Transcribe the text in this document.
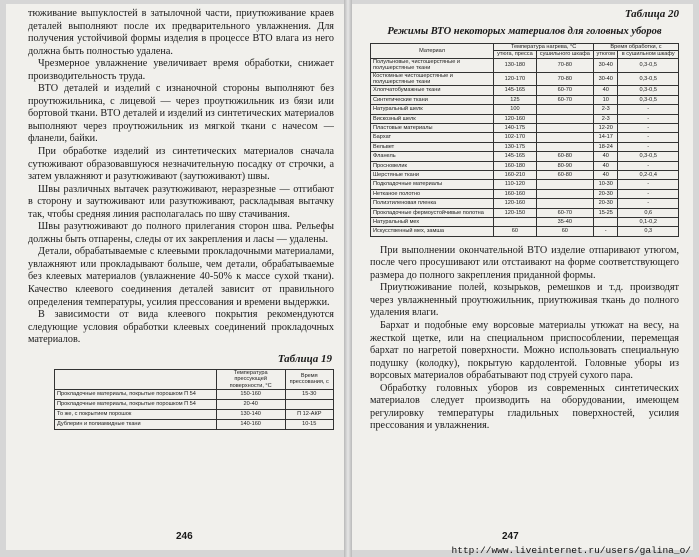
тюживание выпуклостей в затылочной части, приутюживание краев деталей выполняют после их предварительного увлажнения. Для получения устойчивой формы изделия в процессе ВТО влага из него должна быть полностью удалена.

Чрезмерное увлажнение увеличивает время обработки, снижает производительность труда.

ВТО деталей и изделий с изнаночной стороны выполняют без проутюжильника, с лицевой — через проутюжильник из бязи или бортовой ткани. ВТО деталей и изделий из синтетических материалов выполняют через проутюжильник из мягкой ткани с начесом — фланели, байки.

При обработке изделий из синтетических материалов сначала сутюживают образовавшуюся незначительную посадку от строчки, а затем увлажняют и разутюживают (заутюживают) швы.

Швы различных вытачек разутюживают, неразрезные — отгибают в сторону и заутюживают или разутюживают, раскладывая вытачку так, чтобы средняя линия располагалась по шву стачивания.

Швы разутюживают до полного прилегания сторон шва. Рельефы должны быть отпарены, следы от их закрепления и ласы — удалены.

Детали, обрабатываемые с клеевыми прокладочными материалами, увлажняют или прокладывают больше, чем детали, обрабатываемые без клеевых материалов (увлажнение 40-50% к массе сухой ткани). Качество клеевого соединения деталей зависит от правильного определения температуры, усилия прессования и времени выдержки.

В зависимости от вида клеевого покрытия рекомендуются следующие условия обработки клеевых соединений прокладочных материалов.

Таблица 19
	Температура прессующей поверхности, °C	Время прессования, с
Прокладочные материалы, покрытые порошком П 54	150-160	15-30
Прокладочные материалы, покрытые порошком П 54	20-40	
То же, с покрытием порошок	130-140	П 12-АКР
Дублерин и полиамидные ткани	140-160	10-15
246
Таблица 20
Режимы ВТО некоторых материалов для головных уборов
Материал	Температура нагрева, °C		Время обработки, с	
	утюга, пресса	сушильного шкафа	утюгом	в сушильном шкафу
Полульновые, чистошерстяные и полушерстяные ткани	130-180	70-80	30-40	0,3-0,5
Костюмные чистошерстяные и полушерстяные ткани	120-170	70-80	30-40	0,3-0,5
Хлопчатобумажные ткани	145-165	60-70	40	0,3-0,5
Синтетические ткани	125	60-70	10	0,3-0,5
Натуральный шелк	100		2-3	-
Вискозный шелк	120-160		2-3	-
Пластовые материалы	140-175		12-20	-
Бархат	102-170		14-17	-
Вельвет	130-175		18-24	-
Фланель	145-165	60-80	40	0,3-0,5
Просновелик	160-180	80-90	40	-
Шерстяные ткани	160-210	60-80	40	0,2-0,4
Подкладочные материалы	110-120		10-30	-
Нетканое полотно	160-160		20-30	-
Полиэтиленовая пленка	120-160		20-30	-
Прокладочные фермоустойчивые полотна	120-150	60-70	15-25	0,6
Натуральный мех		35-40		0,1-0,2
Искусственный мех, замша	60	60	-	0,3

При выполнении окончательной ВТО изделие отпаривают утюгом, после чего просушивают или отстаивают на форме соответствующего размера до полного закрепления приданной формы.

Приутюживание полей, козырьков, ремешков и т.д. производят через увлажненный проутюжильник, приутюживая ткань до полного удаления влаги.

Бархат и подобные ему ворсовые материалы утюжат на весу, на жесткой щетке, или на специальном приспособлении, перемещая бархат по нагретой поверхности. Можно использовать специальную подушку (колодку), покрытую кардолентой. Головные уборы из ворсовых материалов обрабатывают под струей сухого пара.

Обработку головных уборов из современных синтетических материалов следует производить на оборудовании, имеющем регулировку температуры гладильных поверхностей, усилия прессования и увлажнения.

247
http://www.liveinternet.ru/users/galina_o/
